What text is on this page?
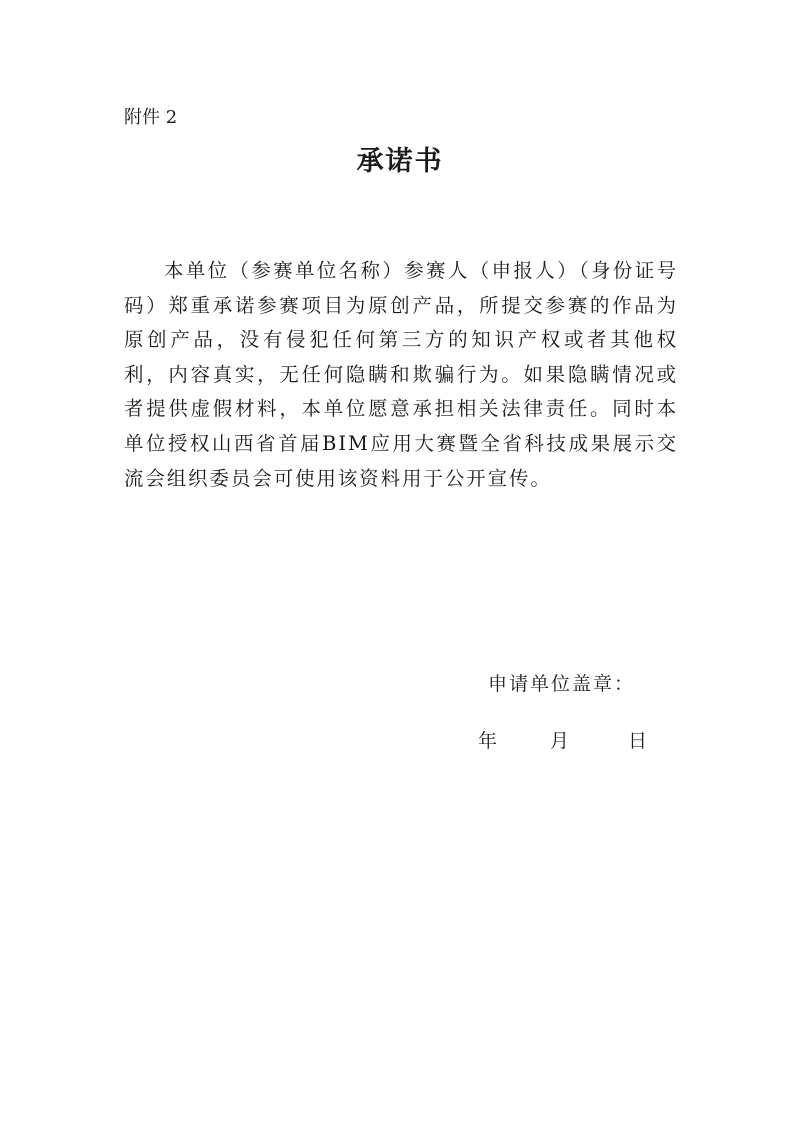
附件 2
承诺书

本单位（参赛单位名称）参赛人（申报人）（身份证号码）郑重承诺参赛项目为原创产品，所提交参赛的作品为原创产品，没有侵犯任何第三方的知识产权或者其他权利，内容真实，无任何隐瞒和欺骗行为。如果隐瞒情况或者提供虚假材料，本单位愿意承担相关法律责任。同时本单位授权山西省首届BIM应用大赛暨全省科技成果展示交流会组织委员会可使用该资料用于公开宣传。

申请单位盖章：
年	月	日
